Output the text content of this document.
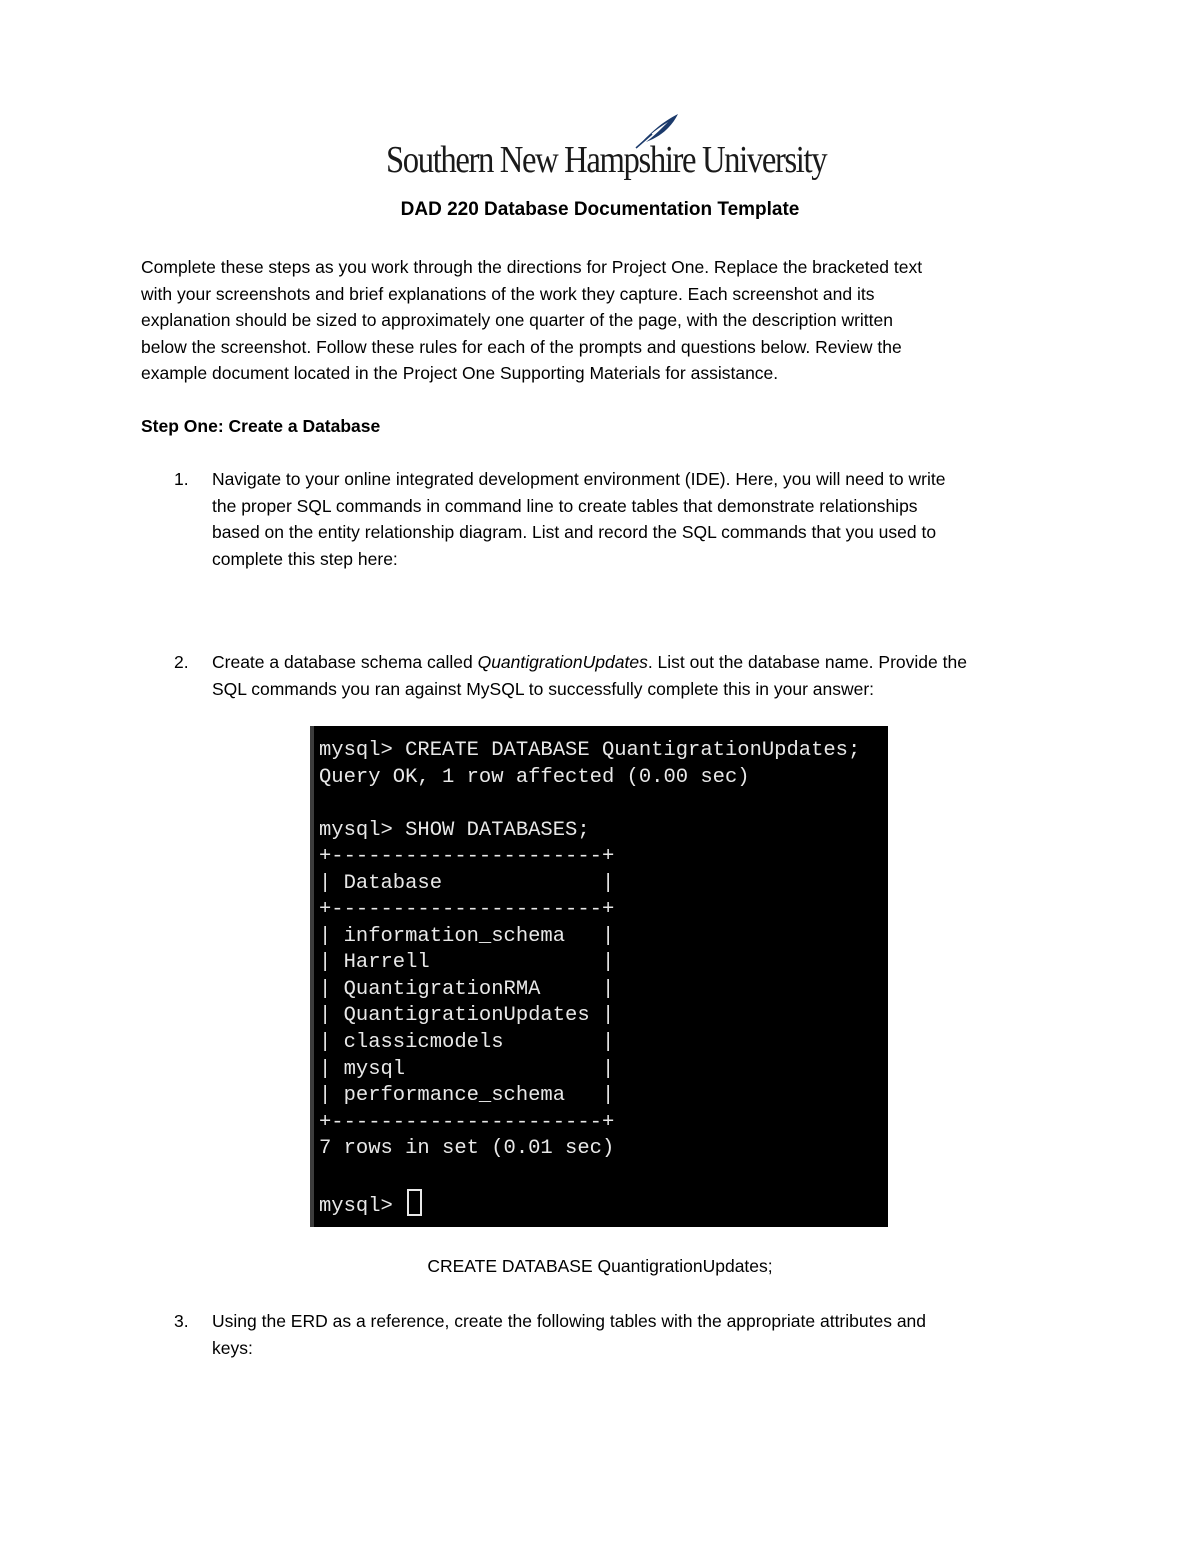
Southern New Hampshire University
DAD 220 Database Documentation Template
Complete these steps as you work through the directions for Project One. Replace the bracketed text
with your screenshots and brief explanations of the work they capture. Each screenshot and its
explanation should be sized to approximately one quarter of the page, with the description written
below the screenshot. Follow these rules for each of the prompts and questions below. Review the
example document located in the Project One Supporting Materials for assistance.
Step One: Create a Database
1. Navigate to your online integrated development environment (IDE). Here, you will need to write
the proper SQL commands in command line to create tables that demonstrate relationships
based on the entity relationship diagram. List and record the SQL commands that you used to
complete this step here:
2. Create a database schema called QuantigrationUpdates. List out the database name. Provide the
SQL commands you ran against MySQL to successfully complete this in your answer:
mysql> CREATE DATABASE QuantigrationUpdates;
Query OK, 1 row affected (0.00 sec)
mysql> SHOW DATABASES;
+----------------------+
| Database             |
+----------------------+
| information_schema   |
| Harrell              |
| QuantigrationRMA     |
| QuantigrationUpdates |
| classicmodels        |
| mysql                |
| performance_schema   |
+----------------------+
7 rows in set (0.01 sec)
mysql>
CREATE DATABASE QuantigrationUpdates;
3. Using the ERD as a reference, create the following tables with the appropriate attributes and
keys:
